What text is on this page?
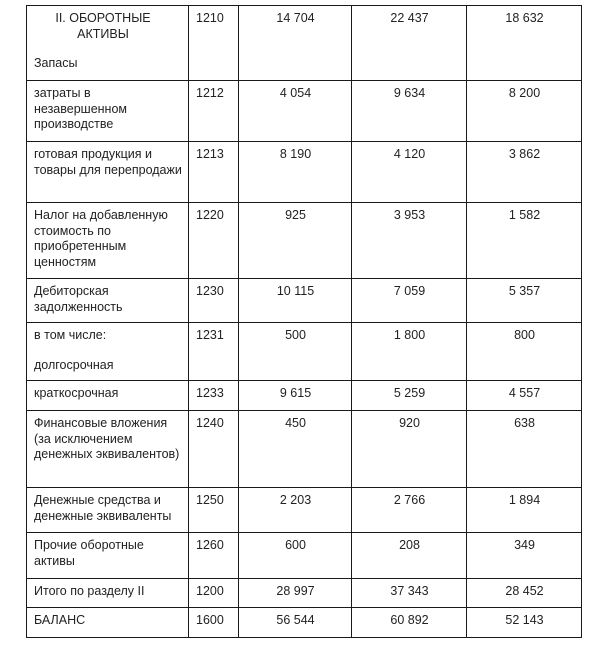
II. ОБОРОТНЫЕ АКТИВЫ
Запасы	1210	14 704	22 437	18 632
затраты в незавершенном производстве	1212	4 054	9 634	8 200
готовая продукция и товары для перепродажи	1213	8 190	4 120	3 862
Налог на добавленную стоимость по приобретенным ценностям	1220	925	3 953	1 582
Дебиторская задолженность	1230	10 115	7 059	5 357

в том числе:
долгосрочная	1231	500	1 800	800
краткосрочная	1233	9 615	5 259	4 557
Финансовые вложения (за исключением денежных эквивалентов)	1240	450	920	638
Денежные средства и денежные эквиваленты	1250	2 203	2 766	1 894
Прочие оборотные активы	1260	600	208	349
Итого по разделу II	1200	28 997	37 343	28 452
БАЛАНС	1600	56 544	60 892	52 143
